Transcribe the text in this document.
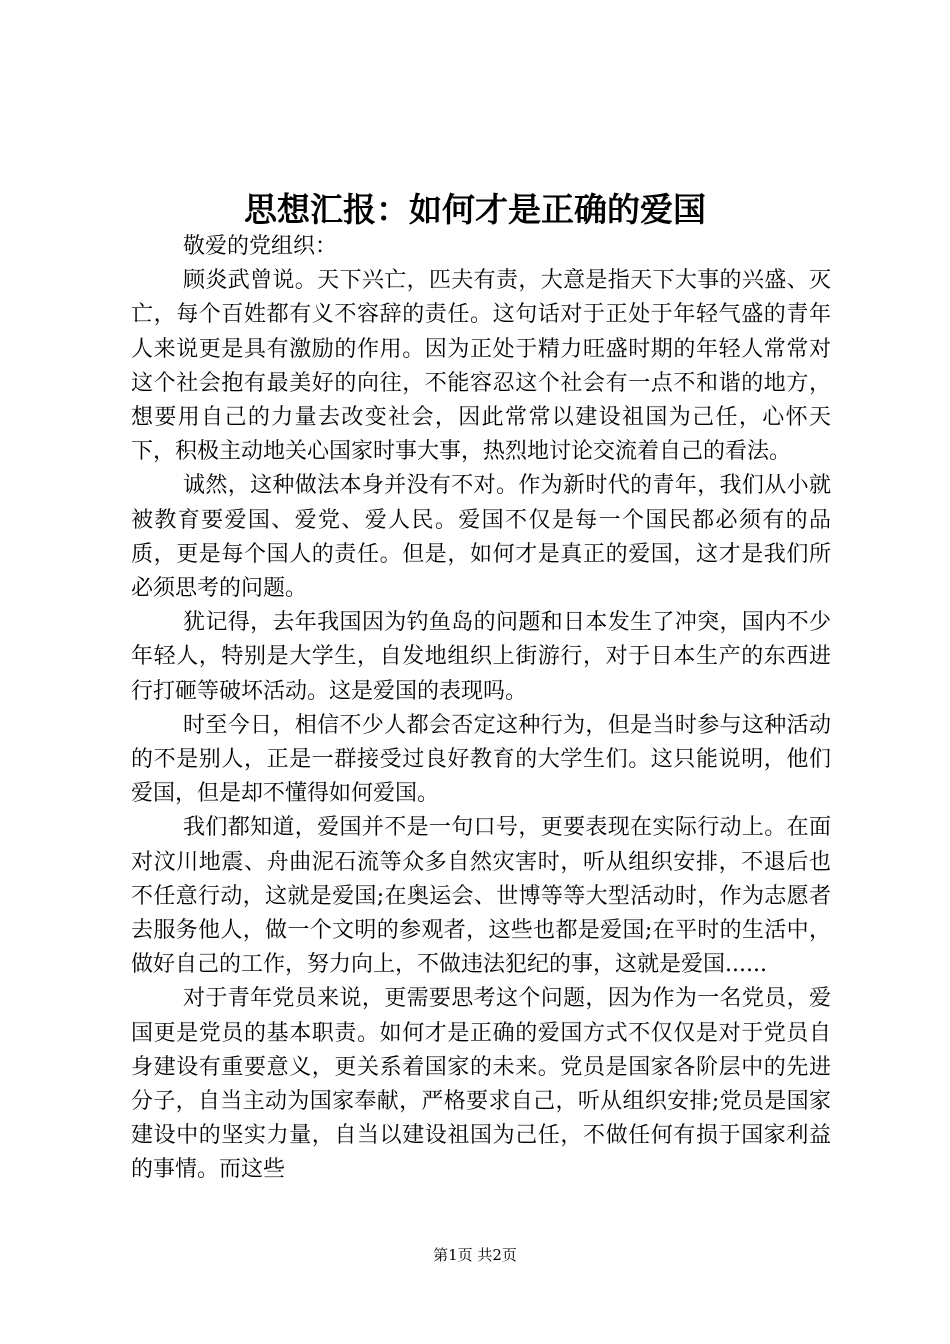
思想汇报：如何才是正确的爱国

敬爱的党组织：

顾炎武曾说。天下兴亡，匹夫有责，大意是指天下大事的兴盛、灭亡，每个百姓都有义不容辞的责任。这句话对于正处于年轻气盛的青年人来说更是具有激励的作用。因为正处于精力旺盛时期的年轻人常常对这个社会抱有最美好的向往，不能容忍这个社会有一点不和谐的地方，想要用自己的力量去改变社会，因此常常以建设祖国为己任，心怀天下，积极主动地关心国家时事大事，热烈地讨论交流着自己的看法。

诚然，这种做法本身并没有不对。作为新时代的青年，我们从小就被教育要爱国、爱党、爱人民。爱国不仅是每一个国民都必须有的品质，更是每个国人的责任。但是，如何才是真正的爱国，这才是我们所必须思考的问题。

犹记得，去年我国因为钓鱼岛的问题和日本发生了冲突，国内不少年轻人，特别是大学生，自发地组织上街游行，对于日本生产的东西进行打砸等破坏活动。这是爱国的表现吗。

时至今日，相信不少人都会否定这种行为，但是当时参与这种活动的不是别人，正是一群接受过良好教育的大学生们。这只能说明，他们爱国，但是却不懂得如何爱国。

我们都知道，爱国并不是一句口号，更要表现在实际行动上。在面对汶川地震、舟曲泥石流等众多自然灾害时，听从组织安排，不退后也不任意行动，这就是爱国;在奥运会、世博等等大型活动时，作为志愿者去服务他人，做一个文明的参观者，这些也都是爱国;在平时的生活中，做好自己的工作，努力向上，不做违法犯纪的事，这就是爱国......

对于青年党员来说，更需要思考这个问题，因为作为一名党员，爱国更是党员的基本职责。如何才是正确的爱国方式不仅仅是对于党员自身建设有重要意义，更关系着国家的未来。党员是国家各阶层中的先进分子，自当主动为国家奉献，严格要求自己，听从组织安排;党员是国家建设中的坚实力量，自当以建设祖国为己任，不做任何有损于国家利益的事情。而这些

第1页 共2页
